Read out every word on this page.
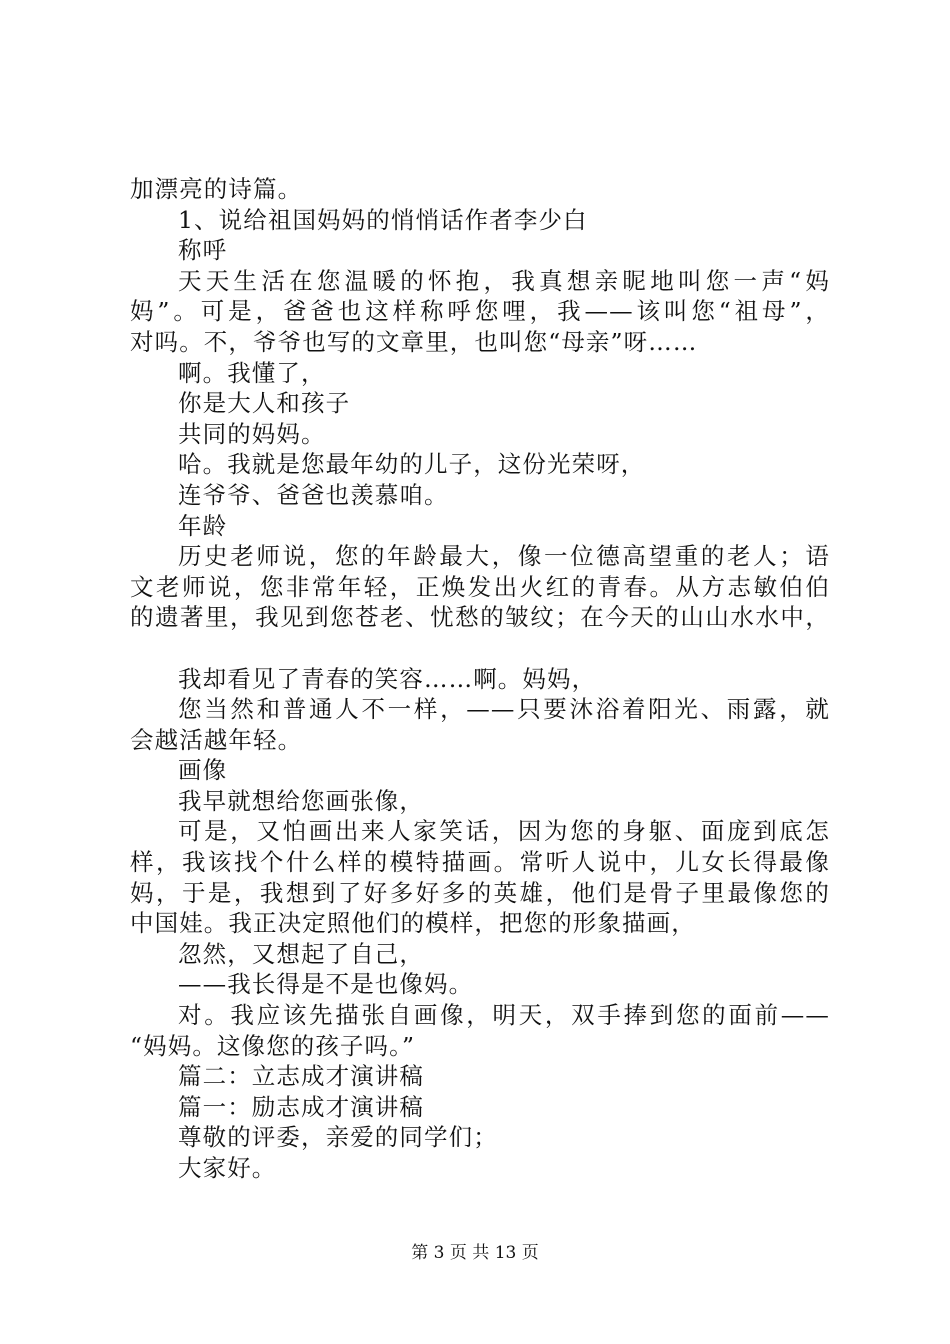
加漂亮的诗篇。
1、说给祖国妈妈的悄悄话作者李少白
称呼
天天生活在您温暖的怀抱，我真想亲昵地叫您一声“妈
妈”。可是，爸爸也这样称呼您哩，我——该叫您“祖母”，
对吗。不，爷爷也写的文章里，也叫您“母亲”呀……
啊。我懂了，
你是大人和孩子
共同的妈妈。
哈。我就是您最年幼的儿子，这份光荣呀，
连爷爷、爸爸也羡慕咱。
年龄
历史老师说，您的年龄最大，像一位德高望重的老人；语
文老师说，您非常年轻，正焕发出火红的青春。从方志敏伯伯
的遗著里，我见到您苍老、忧愁的皱纹；在今天的山山水水中，
我却看见了青春的笑容……啊。妈妈，
您当然和普通人不一样，——只要沐浴着阳光、雨露，就
会越活越年轻。
画像
我早就想给您画张像，
可是，又怕画出来人家笑话，因为您的身躯、面庞到底怎
样，我该找个什么样的模特描画。常听人说中，儿女长得最像
妈，于是，我想到了好多好多的英雄，他们是骨子里最像您的
中国娃。我正决定照他们的模样，把您的形象描画，
忽然，又想起了自己，
——我长得是不是也像妈。
对。我应该先描张自画像，明天，双手捧到您的面前——
“妈妈。这像您的孩子吗。”
篇二：立志成才演讲稿
篇一：励志成才演讲稿
尊敬的评委，亲爱的同学们；
大家好。
第 3 页 共 13 页
